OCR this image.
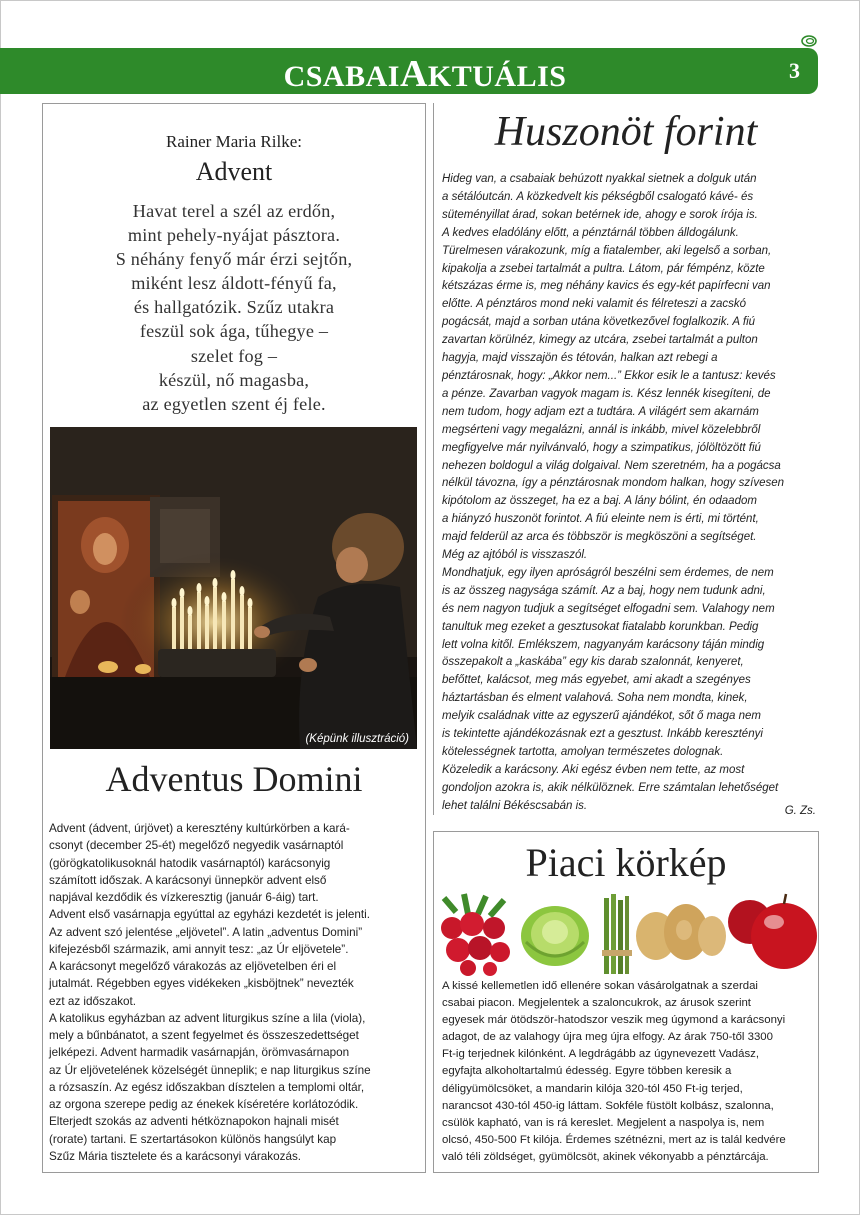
CSABAIAKTUÁLIS	3
Rainer Maria Rilke:
Advent
Havat terel a szél az erdőn,
mint pehely-nyájat pásztora.
S néhány fenyő már érzi sejtőn,
miként lesz áldott-fényű fa,
és hallgatózik. Szűz utakra
feszül sok ága, tűhegye –
szelet fog –
készül, nő magasba,
az egyetlen szent éj fele.
(Képünk illusztráció)
Adventus Domini

Advent (ádvent, úrjövet) a keresztény kultúrkörben a kará-

csonyt (december 25-ét) megelőző negyedik vasárnaptól

(görögkatolikusoknál hatodik vasárnaptól) karácsonyig

számított időszak. A karácsonyi ünnepkör advent első

napjával kezdődik és vízkeresztig (január 6-áig) tart.

Advent első vasárnapja egyúttal az egyházi kezdetét is jelenti.

Az advent szó jelentése „eljövetel”. A latin „adventus Domini”

kifejezésből származik, ami annyit tesz: „az Úr eljövetele”.

A karácsonyt megelőző várakozás az eljövetelben éri el

jutalmát. Régebben egyes vidékeken „kisböjtnek” nevezték

ezt az időszakot.

A katolikus egyházban az advent liturgikus színe a lila (viola),

mely a bűnbánatot, a szent fegyelmet és összeszedettséget

jelképezi. Advent harmadik vasárnapján, örömvasárnapon

az Úr eljövetelének közelségét ünneplik; e nap liturgikus színe

a rózsaszín. Az egész időszakban dísztelen a templomi oltár,

az orgona szerepe pedig az énekek kíséretére korlátozódik.

Elterjedt szokás az adventi hétköznapokon hajnali misét

(rorate) tartani. E szertartásokon különös hangsúlyt kap

Szűz Mária tisztelete és a karácsonyi várakozás.

Huszonöt forint

Hideg van, a csabaiak behúzott nyakkal sietnek a dolguk után

a sétálóutcán. A közkedvelt kis pékségből csalogató kávé- és

süteményillat árad, sokan betérnek ide, ahogy e sorok írója is.

A kedves eladólány előtt, a pénztárnál többen álldogálunk.

Türelmesen várakozunk, míg a fiatalember, aki legelső a sorban,

kipakolja a zsebei tartalmát a pultra. Látom, pár fémpénz, közte

kétszázas érme is, meg néhány kavics és egy-két papírfecni van

előtte. A pénztáros mond neki valamit és félreteszi a zacskó

pogácsát, majd a sorban utána következővel foglalkozik. A fiú

zavartan körülnéz, kimegy az utcára, zsebei tartalmát a pulton

hagyja, majd visszajön és tétován, halkan azt rebegi a

pénztárosnak, hogy: „Akkor nem...” Ekkor esik le a tantusz: kevés

a pénze. Zavarban vagyok magam is. Kész lennék kisegíteni, de

nem tudom, hogy adjam ezt a tudtára. A világért sem akarnám

megsérteni vagy megalázni, annál is inkább, mivel közelebbről

megfigyelve már nyilvánvaló, hogy a szimpatikus, jólöltözött fiú

nehezen boldogul a világ dolgaival. Nem szeretném, ha a pogácsa

nélkül távozna, így a pénztárosnak mondom halkan, hogy szívesen

kipótolom az összeget, ha ez a baj. A lány bólint, én odaadom

a hiányzó huszonöt forintot. A fiú eleinte nem is érti, mi történt,

majd felderül az arca és többször is megköszöni a segítséget.

Még az ajtóból is visszaszól.

Mondhatjuk, egy ilyen apróságról beszélni sem érdemes, de nem

is az összeg nagysága számít. Az a baj, hogy nem tudunk adni,

és nem nagyon tudjuk a segítséget elfogadni sem. Valahogy nem

tanultuk meg ezeket a gesztusokat fiatalabb korunkban. Pedig

lett volna kitől. Emlékszem, nagyanyám karácsony táján mindig

összepakolt a „kaskába” egy kis darab szalonnát, kenyeret,

befőttet, kalácsot, meg más egyebet, ami akadt a szegényes

háztartásban és elment valahová. Soha nem mondta, kinek,

melyik családnak vitte az egyszerű ajándékot, sőt ő maga nem

is tekintette ajándékozásnak ezt a gesztust. Inkább keresztényi

kötelességnek tartotta, amolyan természetes dolognak.

Közeledik a karácsony. Aki egész évben nem tette, az most

gondoljon azokra is, akik nélkülöznek. Erre számtalan lehetőséget

lehet találni Békéscsabán is.	G. Zs.
Piaci körkép

A kissé kellemetlen idő ellenére sokan vásárolgatnak a szerdai

csabai piacon. Megjelentek a szaloncukrok, az árusok szerint

egyesek már ötödször-hatodszor veszik meg úgymond a karácsonyi

adagot, de az valahogy újra meg újra elfogy. Az árak 750-től 3300

Ft-ig terjednek kilónként. A legdrágább az úgynevezett Vadász,

egyfajta alkoholtartalmú édesség. Egyre többen keresik a

déligyümölcsöket, a mandarin kilója 320-tól 450 Ft-ig terjed,

narancsot 430-tól 450-ig láttam. Sokféle füstölt kolbász, szalonna,

csülök kapható, van is rá kereslet. Megjelent a naspolya is, nem

olcsó, 450-500 Ft kilója. Érdemes szétnézni, mert az is talál kedvére

való téli zöldséget, gyümölcsöt, akinek vékonyabb a pénztárcája.
